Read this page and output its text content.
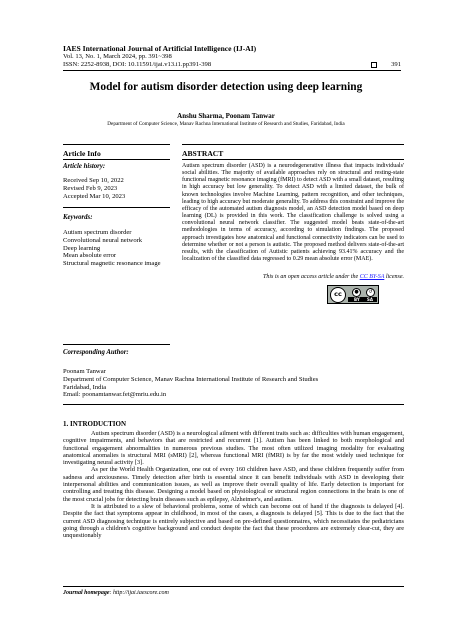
IAES International Journal of Artificial Intelligence (IJ-AI)
Vol. 13, No. 1, March 2024, pp. 391~398
ISSN: 2252-8938, DOI: 10.11591/ijai.v13.i1.pp391-398	391
Model for autism disorder detection using deep learning
Anshu Sharma, Poonam Tanwar
Department of Computer Science, Manav Rachna International Institute of Research and Studies, Faridabad, India
Article Info	ABSTRACT
Article history:
Received Sep 10, 2022
Revised Feb 9, 2023
Accepted Mar 10, 2023
Keywords:
Autism spectrum disorder
Convolutional neural network
Deep learning
Mean absolute error
Structural magnetic resonance image
Autism spectrum disorder (ASD) is a neurodegenerative illness that impacts individuals' social abilities. The majority of available approaches rely on structural and resting-state functional magnetic resonance imaging (fMRI) to detect ASD with a small dataset, resulting in high accuracy but low generality. To detect ASD with a limited dataset, the bulk of known technologies involve Machine Learning, pattern recognition, and other techniques, leading to high accuracy but moderate generality. To address this constraint and improve the efficacy of the automated autism diagnosis model, an ASD detection model based on deep learning (DL) is provided in this work. The classification challenge is solved using a convolutional neural network classifier. The suggested model beats state-of-the-art methodologies in terms of accuracy, according to simulation findings. The proposed approach investigates how anatomical and functional connectivity indicators can be used to determine whether or not a person is autistic. The proposed method delivers state-of-the-art results, with the classification of Autistic patients achieving 93.41% accuracy and the localization of the classified data regressed to 0.29 mean absolute error (MAE).
This is an open access article under the CC BY-SA license.
cc	●	↺
BY SA
Corresponding Author:
Poonam Tanwar
Department of Computer Science, Manav Rachna International Institute of Research and Studies
Faridabad, India
Email: poonamtanwar.fet@mriu.edu.in
1. INTRODUCTION

Autism spectrum disorder (ASD) is a neurological ailment with different traits such as: difficulties with human engagement, cognitive impairments, and behaviors that are restricted and recurrent [1]. Autism has been linked to both morphological and functional engagement abnormalities in numerous previous studies. The most often utilized imaging modality for evaluating anatomical anomalies is structural MRI (sMRI) [2], whereas functional MRI (fMRI) is by far the most widely used technique for investigating neural activity [3].

As per the World Health Organization, one out of every 160 children have ASD, and these children frequently suffer from sadness and anxiousness. Timely detection after birth is essential since it can benefit individuals with ASD in developing their interpersonal abilities and communication issues, as well as improve their overall quality of life. Early detection is important for controlling and treating this disease. Designing a model based on physiological or structural region connections in the brain is one of the most crucial jobs for detecting brain diseases such as epilepsy, Alzheimer's, and autism.

It is attributed to a slew of behavioral problems, some of which can become out of hand if the diagnosis is delayed [4]. Despite the fact that symptoms appear in childhood, in most of the cases, a diagnosis is delayed [5]. This is due to the fact that the current ASD diagnosing technique is entirely subjective and based on pre-defined questionnaires, which necessitates the pediatricians going through a children's cognitive background and conduct despite the fact that these procedures are extremely clear-cut, they are unquestionably

Journal homepage: http://ijai.iaescore.com
